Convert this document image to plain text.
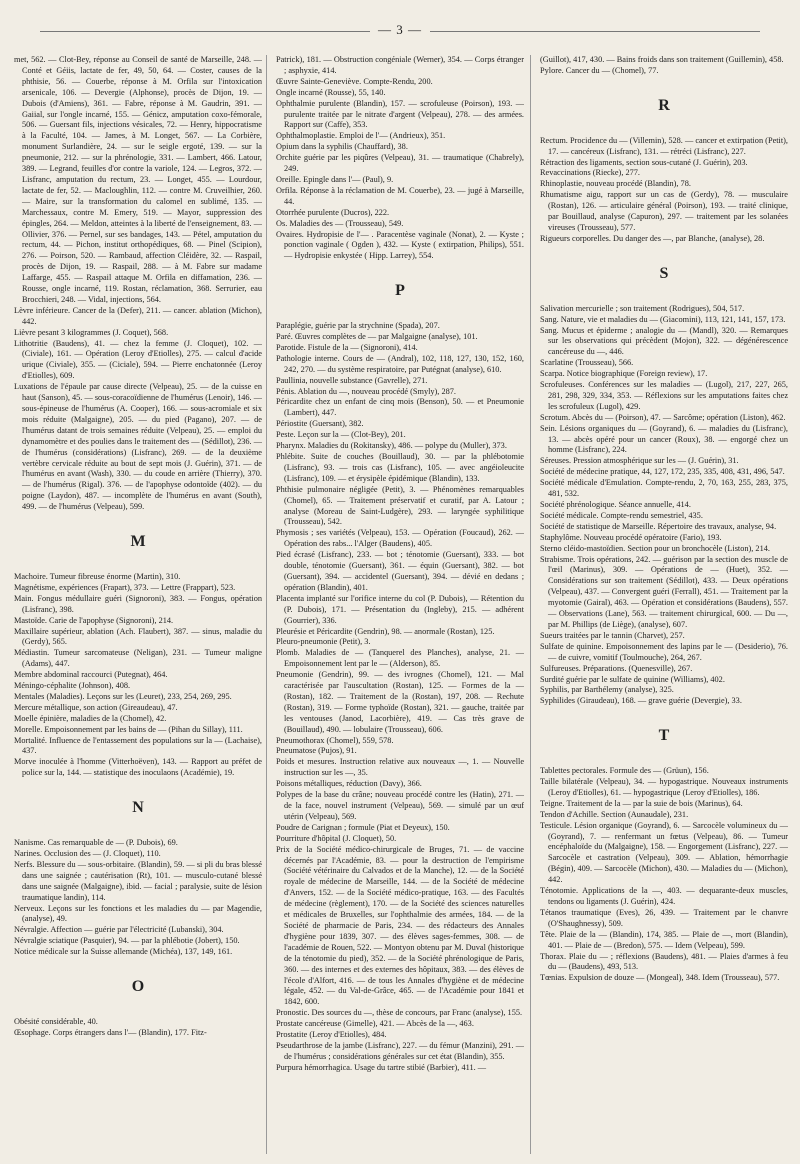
— 3 —

met, 562. — Clot-Bey, réponse au Conseil de santé de Marseille, 248. — Conté et Géiis, lactate de fer, 49, 50, 64. — Coster, causes de la phthisie, 56. — Couerbe, réponse à M. Orfila sur l'intoxication arsenicale, 106. — Devergie (Alphonse), procès de Dijon, 19. — Dubois (d'Amiens), 361. — Fabre, réponse à M. Gaudrin, 391. — Gaiial, sur l'ongle incarné, 155. — Génicz, amputation coxo-fémorale, 506. — Guersant fils, injections vésicales, 72. — Henry, hippocratisme à la Faculté, 104. — James, à M. Longet, 567. — La Corbière, monument Surlandière, 24. — sur le seigle ergoté, 139. — sur la pneumonie, 212. — sur la phrénologie, 331. — Lambert, 466. Latour, 389. — Legrand, feuilles d'or contre la variole, 124. — Legros, 372. — Lisfranc, amputation du rectum, 23. — Longet, 455. — Lourdour, lactate de fer, 52. — Macloughlin, 112. — contre M. Cruveilhier, 260. — Maire, sur la transformation du calomel en sublimé, 135. — Marchessaux, contre M. Emery, 519. — Mayor, suppression des épingles, 264. — Meldon, atteintes à la liberté de l'enseignement, 83. — Ollivier, 376. — Pernel, sur ses bandages, 143. — Pétel, amputation du rectum, 44. — Pichon, institut orthopédiques, 68. — Pinel (Scipion), 276. — Poirson, 520. — Rambaud, affection Cléidère, 32. — Raspail, procès de Dijon, 19. — Raspail, 288. — à M. Fabre sur madame Laffarge, 455. — Raspail attaque M. Orfila en diffamation, 236. — Rousse, ongle incarné, 119. Rostan, réclamation, 368. Serrurier, eau Brocchieri, 248. — Vidal, injections, 564.

Lèvre inférieure. Cancer de la (Defer), 211. — cancer. ablation (Michon), 442.

Lièvre pesant 3 kilogrammes (J. Coquet), 568.

Lithotritie (Baudens), 41. — chez la femme (J. Cloquet), 102. — (Civiale), 161. — Opération (Leroy d'Etiolles), 275. — calcul d'acide urique (Civiale), 355. — (Ciciale), 594. — Pierre enchatonnée (Leroy d'Etiolles), 609.

Luxations de l'épaule par cause directe (Velpeau), 25. — de la cuisse en haut (Sanson), 45. — sous-coracoïdienne de l'humérus (Lenoir), 146. — sous-épineuse de l'humérus (A. Cooper), 166. — sous-acromiale et six mois réduite (Malgaigne), 205. — du pied (Pagano), 207. — de l'humérus datant de trois semaines réduite (Velpeau), 25. — emploi du dynamomètre et des poulies dans le traitement des — (Sédillot), 236. — de l'humérus (considérations) (Lisfranc), 269. — de la deuxième vertèbre cervicale réduite au bout de sept mois (J. Guérin), 371. — de l'humérus en avant (Wash), 330. — du coude en arrière (Thierry), 370. — de l'humérus (Rigal). 376. — de l'apophyse odontoïde (402). — du poigne (Laydon), 487. — incomplète de l'humérus en avant (South), 499. — de l'humérus (Velpeau), 599.

M

Machoire. Tumeur fibreuse énorme (Martin), 310.

Magnétisme, expériences (Frapart), 373. — Lettre (Frappart), 523.

Main. Fongus médullaire guéri (Signoroni), 383. — Fongus, opération (Lisfranc), 398.

Mastoïde. Carie de l'apophyse (Signoroni), 214.

Maxillaire supérieur, ablation (Ach. Flaubert), 387. — sinus, maladie du (Gerdy), 565.

Médiastin. Tumeur sarcomateuse (Neligan), 231. — Tumeur maligne (Adams), 447.

Membre abdominal raccourci (Putegnat), 464.

Méningo-céphalite (Johnson), 408.

Mentales (Maladies). Leçons sur les (Leuret), 233, 254, 269, 295.

Mercure métallique, son action (Gireaudeau), 47.

Moelle épinière, maladies de la (Chomel), 42.

Morelle. Empoisonnement par les bains de — (Pihan du Sillay), 111.

Mortalité. Influence de l'entassement des populations sur la — (Lachaise), 437.

Morve inoculée à l'homme (Vitterhoëven), 143. — Rapport au préfet de police sur la, 144. — statistique des inoculaons (Académie), 19.

N

Nanisme. Cas remarquable de — (P. Dubois), 69.

Narines. Occlusion des — (J. Cloquet), 110.

Nerfs. Blessure du — sous-orbitaire. (Blandin), 59. — si pli du bras blessé dans une saignée ; cautérisation (Rt), 101. — musculo-cutané blessé dans une saignée (Malgaigne), ibid. — facial ; paralysie, suite de lésion traumatique landin), 114.

Nerveux. Leçons sur les fonctions et les maladies du — par Magendie, (analyse), 49.

Névralgie. Affection — guérie par l'électricité (Lubanski), 304.

Névralgie sciatique (Pasquier), 94. — par la phlébotie (Jobert), 150.

Notice médicale sur la Suisse allemande (Michéa), 137, 149, 161.

O

Obésité considérable, 40.

Œsophage. Corps étrangers dans l'— (Blandin), 177. Fitz-

Patrick), 181. — Obstruction congéniale (Werner), 354. — Corps étranger ; asphyxie, 414.

Œuvre Sainte-Geneviève. Compte-Rendu, 200.

Ongle incarné (Rousse), 55, 140.

Ophthalmie purulente (Blandin), 157. — scrofuleuse (Poirson), 193. — purulente traitée par le nitrate d'argent (Velpeau), 278. — des armées. Rapport sur (Caffe), 353.

Ophthalmoplastie. Emploi de l'— (Andrieux), 351.

Opium dans la syphilis (Chauffard), 38.

Orchite guérie par les piqûres (Velpeau), 31. — traumatique (Chabrely), 249.

Oreille. Epingle dans l'— (Paul), 9.

Orfila. Réponse à la réclamation de M. Couerbe), 23. — jugé à Marseille, 44.

Otorrhée purulente (Ducros), 222.

Os. Maladies des — (Trousseau), 549.

Ovaires. Hydropisie de l'— . Paracentèse vaginale (Nonat), 2. — Kyste ; ponction vaginale ( Ogden ), 432. — Kyste ( extirpation, Philips), 551. — Hydropisie enkystée ( Hipp. Larrey), 554.

P

Paraplégie, guérie par la strychnine (Spada), 207.

Paré. Œuvres complètes de — par Malgaigne (analyse), 101.

Parotide. Fistule de la — (Signoroni), 414.

Pathologie interne. Cours de — (Andral), 102, 118, 127, 130, 152, 160, 242, 270. — du système respiratoire, par Putégnat (analyse), 610.

Paullinia, nouvelle substance (Gavrelle), 271.

Pénis. Ablation du —, nouveau procédé (Smyly), 287.

Péricardite chez un enfant de cinq mois (Benson), 50. — et Pneumonie (Lambert), 447.

Périostite (Guersant), 382.

Peste. Leçon sur la — (Clot-Bey), 201.

Pharynx. Maladies du (Rokitansky), 486. — polype du (Muller), 373.

Phlébite. Suite de couches (Bouillaud), 30. — par la phlébotomie (Lisfranc), 93. — trois cas (Lisfranc), 105. — avec angéioleucite (Lisfranc), 109. — et érysipèle épidémique (Blandin), 133.

Phthisie pulmonaire négligée (Petit), 3. — Phénomènes remarquables (Chomel), 65. — Traitement préservatif et curatif, par A. Latour ; analyse (Moreau de Saint-Ludgère), 293. — laryngée syphilitique (Trousseau), 542.

Phymosis ; ses variétés (Velpeau), 153. — Opération (Foucaud), 262. — Opération des rabs... l'Alger (Baudens), 405.

Pied écrasé (Lisfranc), 233. — bot ; ténotomie (Guersant), 333. — bot double, ténotomie (Guersant), 361. — équin (Guersant), 382. — bot (Guersant), 394. — accidentel (Guersant), 394. — dévié en dedans ; opération (Blandin), 401.

Placenta implanté sur l'orifice interne du col (P. Dubois), — Rétention du (P. Dubois), 171. — Présentation du (Ingleby), 215. — adhérent (Gourrier), 336.

Pleurésie et Péricardite (Gendrin), 98. — anormale (Rostan), 125.

Pleuro-pneumonie (Petit), 3.

Plomb. Maladies de — (Tanquerel des Planches), analyse, 21. — Empoisonnement lent par le — (Alderson), 85.

Pneumonie (Gendrin), 99. — des ivrognes (Chomel), 121. — Mal caractérisée par l'auscultation (Rostan), 125. — Formes de la — (Rostan), 182. — Traitement de la (Rostan), 197, 208. — Rechute (Rostan), 319. — Forme typhoïde (Rostan), 321. — gauche, traitée par les ventouses (Janod, Lacorbière), 419. — Cas très grave de (Bouillaud), 490. — lobulaire (Trousseau), 606.

Pneumothorax (Chomel), 559, 578.

Pneumatose (Pujos), 91.

Poids et mesures. Instruction relative aux nouveaux —, 1. — Nouvelle instruction sur les —, 35.

Poisons métalliques, réduction (Davy), 366.

Polypes de la base du crâne; nouveau procédé contre les (Hatin), 271. — de la face, nouvel instrument (Velpeau), 569. — simulé par un œuf utérin (Velpeau), 569.

Poudre de Carignan ; formule (Piat et Deyeux), 150.

Pourriture d'hôpital (J. Cloquet), 50.

Prix de la Société médico-chirurgicale de Bruges, 71. — de vaccine décernés par l'Académie, 83. — pour la destruction de l'empirisme (Société vétérinaire du Calvados et de la Manche), 12. — de la Société royale de médecine de Marseille, 144. — de la Société de médecine d'Anvers, 152. — de la Société médico-pratique, 163. — des Facultés de médecine (règlement), 170. — de la Société des sciences naturelles et médicales de Bruxelles, sur l'ophthalmie des armées, 184. — de la Société de pharmacie de Paris, 234. — des rédacteurs des Annales d'hygiène pour 1839, 307. — des élèves sages-femmes, 308. — de l'académie de Rouen, 522. — Montyon obtenu par M. Duval (historique de la ténotomie du pied), 352. — de la Société phrénologique de Paris, 360. — des internes et des externes des hôpitaux, 383. — des élèves de l'école d'Alfort, 416. — de tous les Annales d'hygiène et de médecine légale, 452. — du Val-de-Grâce, 465. — de l'Académie pour 1841 et 1842, 600.

Pronostic. Des sources du —, thèse de concours, par Franc (analyse), 155.

Prostate cancéreuse (Gimelle), 421. — Abcès de la —, 463.

Prostatite (Leroy d'Etiolles), 484.

Pseudarthrose de la jambe (Lisfranc), 227. — du fémur (Manzini), 291. — de l'humérus ; considérations générales sur cet état (Blandin), 355.

Purpura hémorrhagica. Usage du tartre stibié (Barbier), 411. —

(Guillot), 417, 430. — Bains froids dans son traitement (Guillemin), 458.

Pylore. Cancer du — (Chomel), 77.

R

Rectum. Procidence du — (Villemin), 528. — cancer et extirpation (Petit), 17. — cancéreux (Lisfranc), 131. — rétréci (Lisfranc), 227.

Rétraction des ligaments, section sous-cutané (J. Guérin), 203.

Revaccinations (Riecke), 277.

Rhinoplastie, nouveau procédé (Blandin), 78.

Rhumatisme aigu, rapport sur un cas de (Gerdy), 78. — musculaire (Rostan), 126. — articulaire général (Poirson), 193. — traité clinique, par Bouillaud, analyse (Capuron), 297. — traitement par les solanées vireuses (Trousseau), 577.

Rigueurs corporelles. Du danger des —, par Blanche, (analyse), 28.

S

Salivation mercurielle ; son traitement (Rodrigues), 504, 517.

Sang. Nature, vie et maladies du — (Giacomini), 113, 121, 141, 157, 173.

Sang. Mucus et épiderme ; analogie du — (Mandl), 320. — Remarques sur les observations qui précèdent (Mojon), 322. — dégénérescence cancéreuse du —, 446.

Scarlatine (Trousseau), 566.

Scarpa. Notice biographique (Foreign review), 17.

Scrofuleuses. Conférences sur les maladies — (Lugol), 217, 227, 265, 281, 298, 329, 334, 353. — Réflexions sur les amputations faites chez les scrofuleux (Lugol), 429.

Scrotum. Abcès du — (Poirson), 47. — Sarcôme; opération (Liston), 462.

Sein. Lésions organiques du — (Goyrand), 6. — maladies du (Lisfranc), 13. — abcès opéré pour un cancer (Roux), 38. — engorgé chez un homme (Lisfranc), 224.

Séreuses. Pression atmosphérique sur les — (J. Guérin), 31.

Société de médecine pratique, 44, 127, 172, 235, 335, 408, 431, 496, 547.

Société médicale d'Emulation. Compte-rendu, 2, 70, 163, 255, 283, 375, 481, 532.

Société phrénologique. Séance annuelle, 414.

Société médicale. Compte-rendu semestriel, 435.

Société de statistique de Marseille. Répertoire des travaux, analyse, 94.

Staphylôme. Nouveau procédé opératoire (Fario), 193.

Sterno cléido-mastoïdien. Section pour un bronchocèle (Liston), 214.

Strabisme. Trois opérations, 242. — guérison par la section des muscle de l'œil (Marinus), 309. — Opérations de — (Huet), 352. — Considérations sur son traitement (Sédillot), 433. — Deux opérations (Velpeau), 437. — Convergent guéri (Ferrall), 451. — Traitement par la myotomie (Gairal), 463. — Opération et considérations (Baudens), 557. — Observations (Lane), 563. — traitement chirurgical, 600. — Du —, par M. Phillips (de Liège), (analyse), 607.

Sueurs traitées par le tannin (Charvet), 257.

Sulfate de quinine. Empoisonnement des lapins par le — (Desiderio), 76. — de cuivre, vomitif (Toulmouche), 264, 267.

Sulfureuses. Préparations. (Quenesville), 267.

Surdité guérie par le sulfate de quinine (Williams), 402.

Syphilis, par Barthélemy (analyse), 325.

Syphilides (Giraudeau), 168. — grave guérie (Devergie), 33.

T

Tablettes pectorales. Formule des — (Grüun), 156.

Taille bilatérale (Velpeau), 34. — hypogastrique. Nouveaux instruments (Leroy d'Etiolles), 61. — hypogastrique (Leroy d'Etiolles), 186.

Teigne. Traitement de la — par la suie de bois (Marinus), 64.

Tendon d'Achille. Section (Aunaudale), 231.

Testicule. Lésion organique (Goyrand), 6. — Sarcocèle volumineux du — (Goyrand), 7. — renfermant un fœtus (Velpeau), 86. — Tumeur encéphaloïde du (Malgaigne), 158. — Engorgement (Lisfranc), 227. — Sarcocèle et castration (Velpeau), 309. — Ablation, hémorrhagie (Bégin), 409. — Sarcocèle (Michon), 430. — Maladies du — (Michon), 442.

Ténotomie. Applications de la —, 403. — dequarante-deux muscles, tendons ou ligaments (J. Guérin), 424.

Tétanos traumatique (Eves), 26, 439. — Traitement par le chanvre (O'Shaughnessy), 509.

Tête. Plaie de la — (Blandin), 174, 385. — Plaie de —, mort (Blandin), 401. — Plaie de — (Bredon), 575. — Idem (Velpeau), 599.

Thorax. Plaie du — ; réflexions (Baudens), 481. — Plaies d'armes à feu du — (Baudens), 493, 513.

Tœnias. Expulsion de douze — (Mongeal), 348. Idem (Trousseau), 577.
